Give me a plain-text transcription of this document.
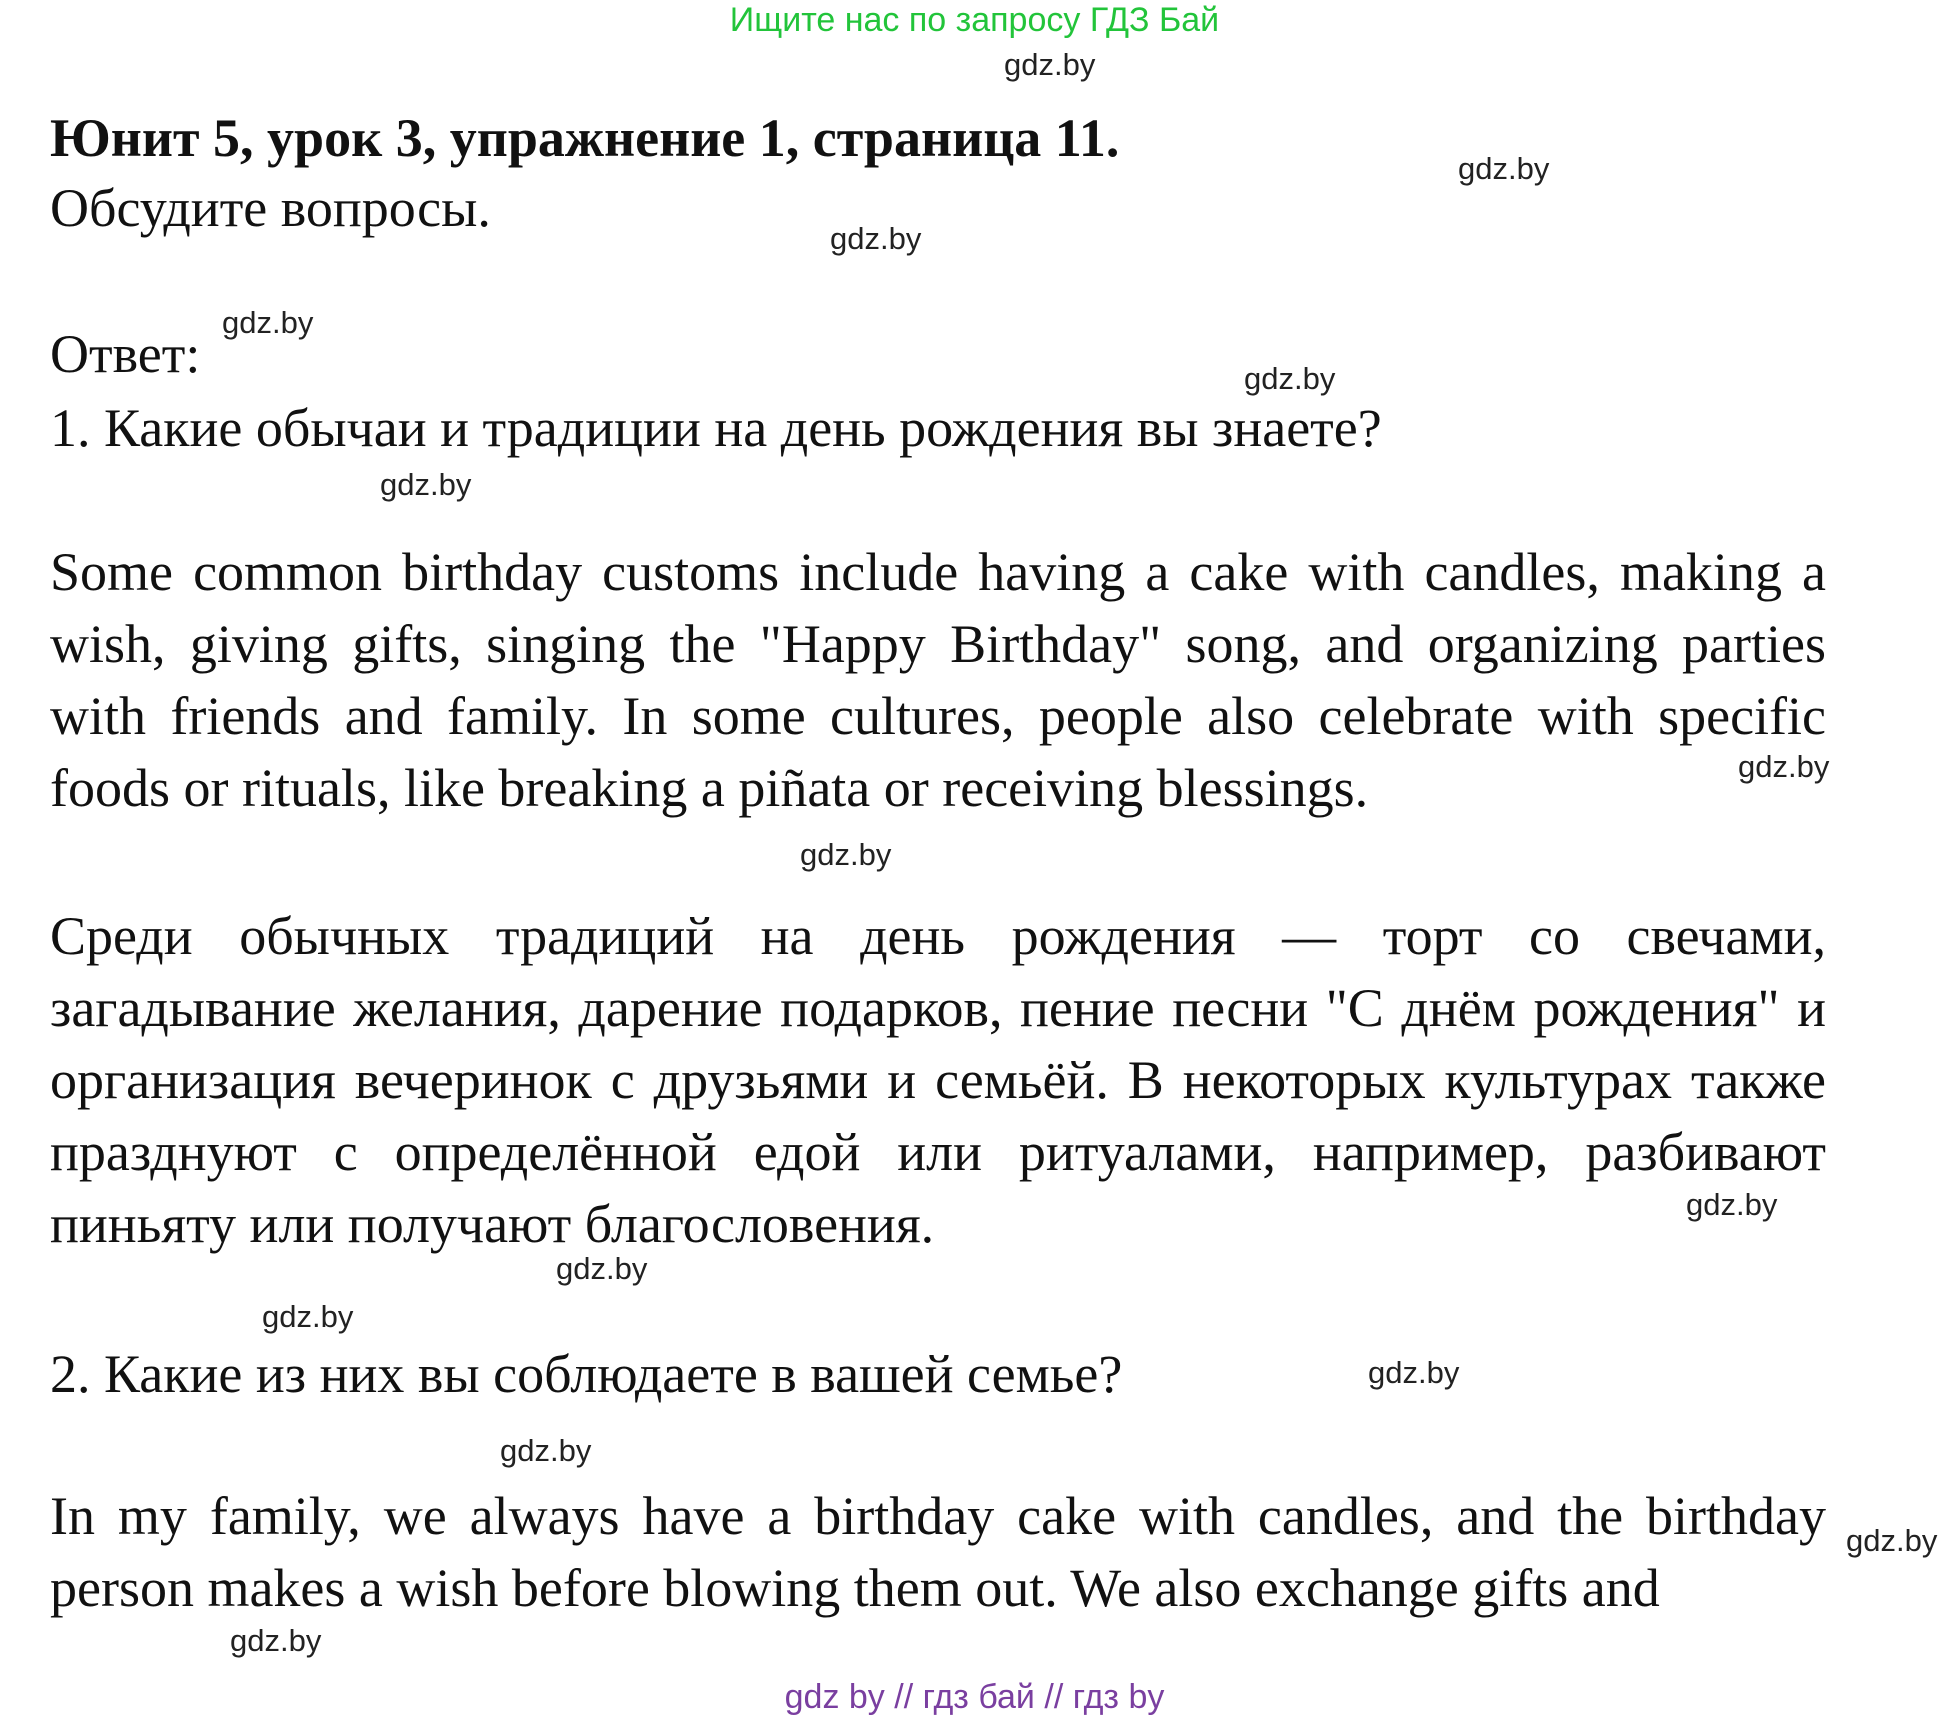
Ищите нас по запросу ГДЗ Бай
gdz.by
gdz.by
gdz.by
gdz.by
gdz.by
gdz.by
gdz.by
gdz.by
gdz.by
gdz.by
gdz.by
gdz.by
gdz.by
gdz.by
gdz.by
Юнит 5, урок 3, упражнение 1, страница 11.
Обсудите вопросы.
Ответ:
1. Какие обычаи и традиции на день рождения вы знаете?
Some common birthday customs include having a cake with candles, making a wish, giving gifts, singing the "Happy Birthday" song, and organizing parties with friends and family. In some cultures, people also celebrate with specific foods or rituals, like breaking a piñata or receiving blessings.
Среди обычных традиций на день рождения — торт со свечами, загадывание желания, дарение подарков, пение песни "С днём рождения" и организация вечеринок с друзьями и семьёй. В некоторых культурах также празднуют с определённой едой или ритуалами, например, разбивают пиньяту или получают благословения.
2. Какие из них вы соблюдаете в вашей семье?
In my family, we always have a birthday cake with candles, and the birthday person makes a wish before blowing them out. We also exchange gifts and
gdz by // гдз бай // гдз by
